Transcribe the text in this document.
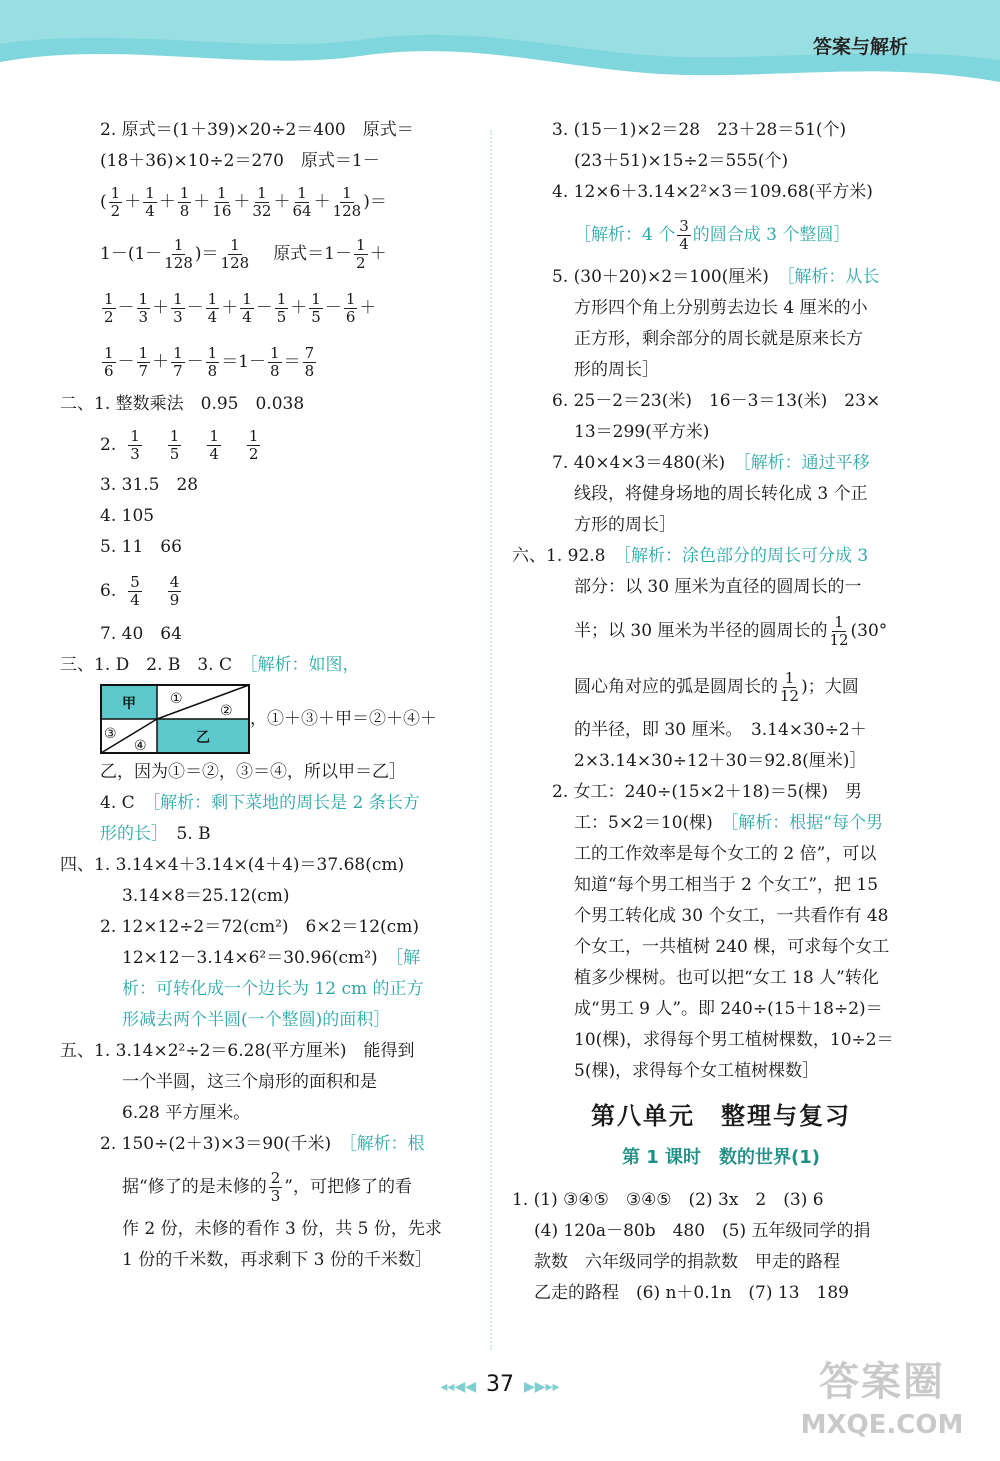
答案与解析
2. 原式＝(1＋39)×20÷2＝400　原式＝
(18＋36)×10÷2＝270　原式＝1－
( $\frac{1}{2} + \frac{1}{4} + \frac{1}{8} + \frac{1}{16} + \frac{1}{32} + \frac{1}{64} + \frac{1}{128}$ )＝
$1-(1- \frac{1}{128}$ )＝ $\frac{1}{128}$ 原式$=1- \frac{1}{2}$ ＋
$\frac{1}{2} - \frac{1}{3} + \frac{1}{3} - \frac{1}{4} + \frac{1}{4} - \frac{1}{5} + \frac{1}{5} - \frac{1}{6}$ ＋
$\frac{1}{6} - \frac{1}{7} + \frac{1}{7} - \frac{1}{8} =1- \frac{1}{8} = \frac{7}{8}$
二、1. 整数乘法　0.95　0.038
2. $\frac{1}{3} \frac{1}{5} \frac{1}{4} \frac{1}{2}$
3. 31.5　28
4. 105
5. 11　66
6. $\frac{5}{4} \frac{4}{9}$
7. 40　64
三、1. D　2. B　3. C　 ［解析：如图，
甲 ①
②
③
④	乙
，①＋③＋甲＝②＋④＋
乙，因为①＝②，③＝④，所以甲＝乙］
4. C　 ［解析：剩下菜地的周长是 2 条长方
形的长］　 5. B
四、1. 3.14×4＋3.14×(4＋4)＝37.68(cm)
3.14×8＝25.12(cm)
2. 12×12÷2＝72(cm²)　6×2＝12(cm)
12×12－3.14×6²＝30.96(cm²)　 ［解
析：可转化成一个边长为 12 cm 的正方
形减去两个半圆(一个整圆)的面积］
五、1. 3.14×2²÷2＝6.28(平方厘米)　能得到
一个半圆，这三个扇形的面积和是
6.28 平方厘米。
2. 150÷(2＋3)×3＝90(千米)　 ［解析：根
据“修了的是未修的 $\frac{2}{3}$ ”，可把修了的看
作 2 份，未修的看作 3 份，共 5 份，先求
1 份的千米数，再求剩下 3 份的千米数］
3. (15－1)×2＝28　23＋28＝51(个)
(23＋51)×15÷2＝555(个)
4. 12×6＋3.14×2²×3＝109.68(平方米)
［解析：4 个 $\frac{3}{4}$ 的圆合成 3 个整圆］
5. (30＋20)×2＝100(厘米)　 ［解析：从长
方形四个角上分别剪去边长 4 厘米的小
正方形，剩余部分的周长就是原来长方
形的周长］
6. 25－2＝23(米)　16－3＝13(米)　23×
13＝299(平方米)
7. 40×4×3＝480(米)　 ［解析：通过平移
线段，将健身场地的周长转化成 3 个正
方形的周长］
六、1. 92.8　 ［解析：涂色部分的周长可分成 3
部分：以 30 厘米为直径的圆周长的一
半；以 30 厘米为半径的圆周长的 $\frac{1}{12} (30^\circ$
圆心角对应的弧是圆周长的 $\frac{1}{12}$ )；大圆
的半径，即 30 厘米。　3.14×30÷2＋
2×3.14×30÷12＋30＝92.8(厘米)］
2. 女工：240÷(15×2＋18)＝5(棵)　男
工：5×2＝10(棵)　 ［解析：根据“每个男
工的工作效率是每个女工的 2 倍”，可以
知道“每个男工相当于 2 个女工”，把 15
个男工转化成 30 个女工，一共看作有 48
个女工，一共植树 240 棵，可求每个女工
植多少棵树。也可以把“女工 18 人”转化
成“男工 9 人”。即 240÷(15＋18÷2)＝
10(棵)，求得每个男工植树棵数，10÷2＝
5(棵)，求得每个女工植树棵数］
第八单元　整理与复习
第 1 课时　数的世界(1)
1. (1) ③④⑤　③④⑤　(2) 3x　2　(3) 6
(4) 120a－80b　480　(5) 五年级同学的捐
款数　六年级同学的捐款数　甲走的路程
乙走的路程　(6) n＋0.1n　(7) 13　189
◂◂◀◀ 37 ▶▶▸▸	答案圈
MXQE.COM
